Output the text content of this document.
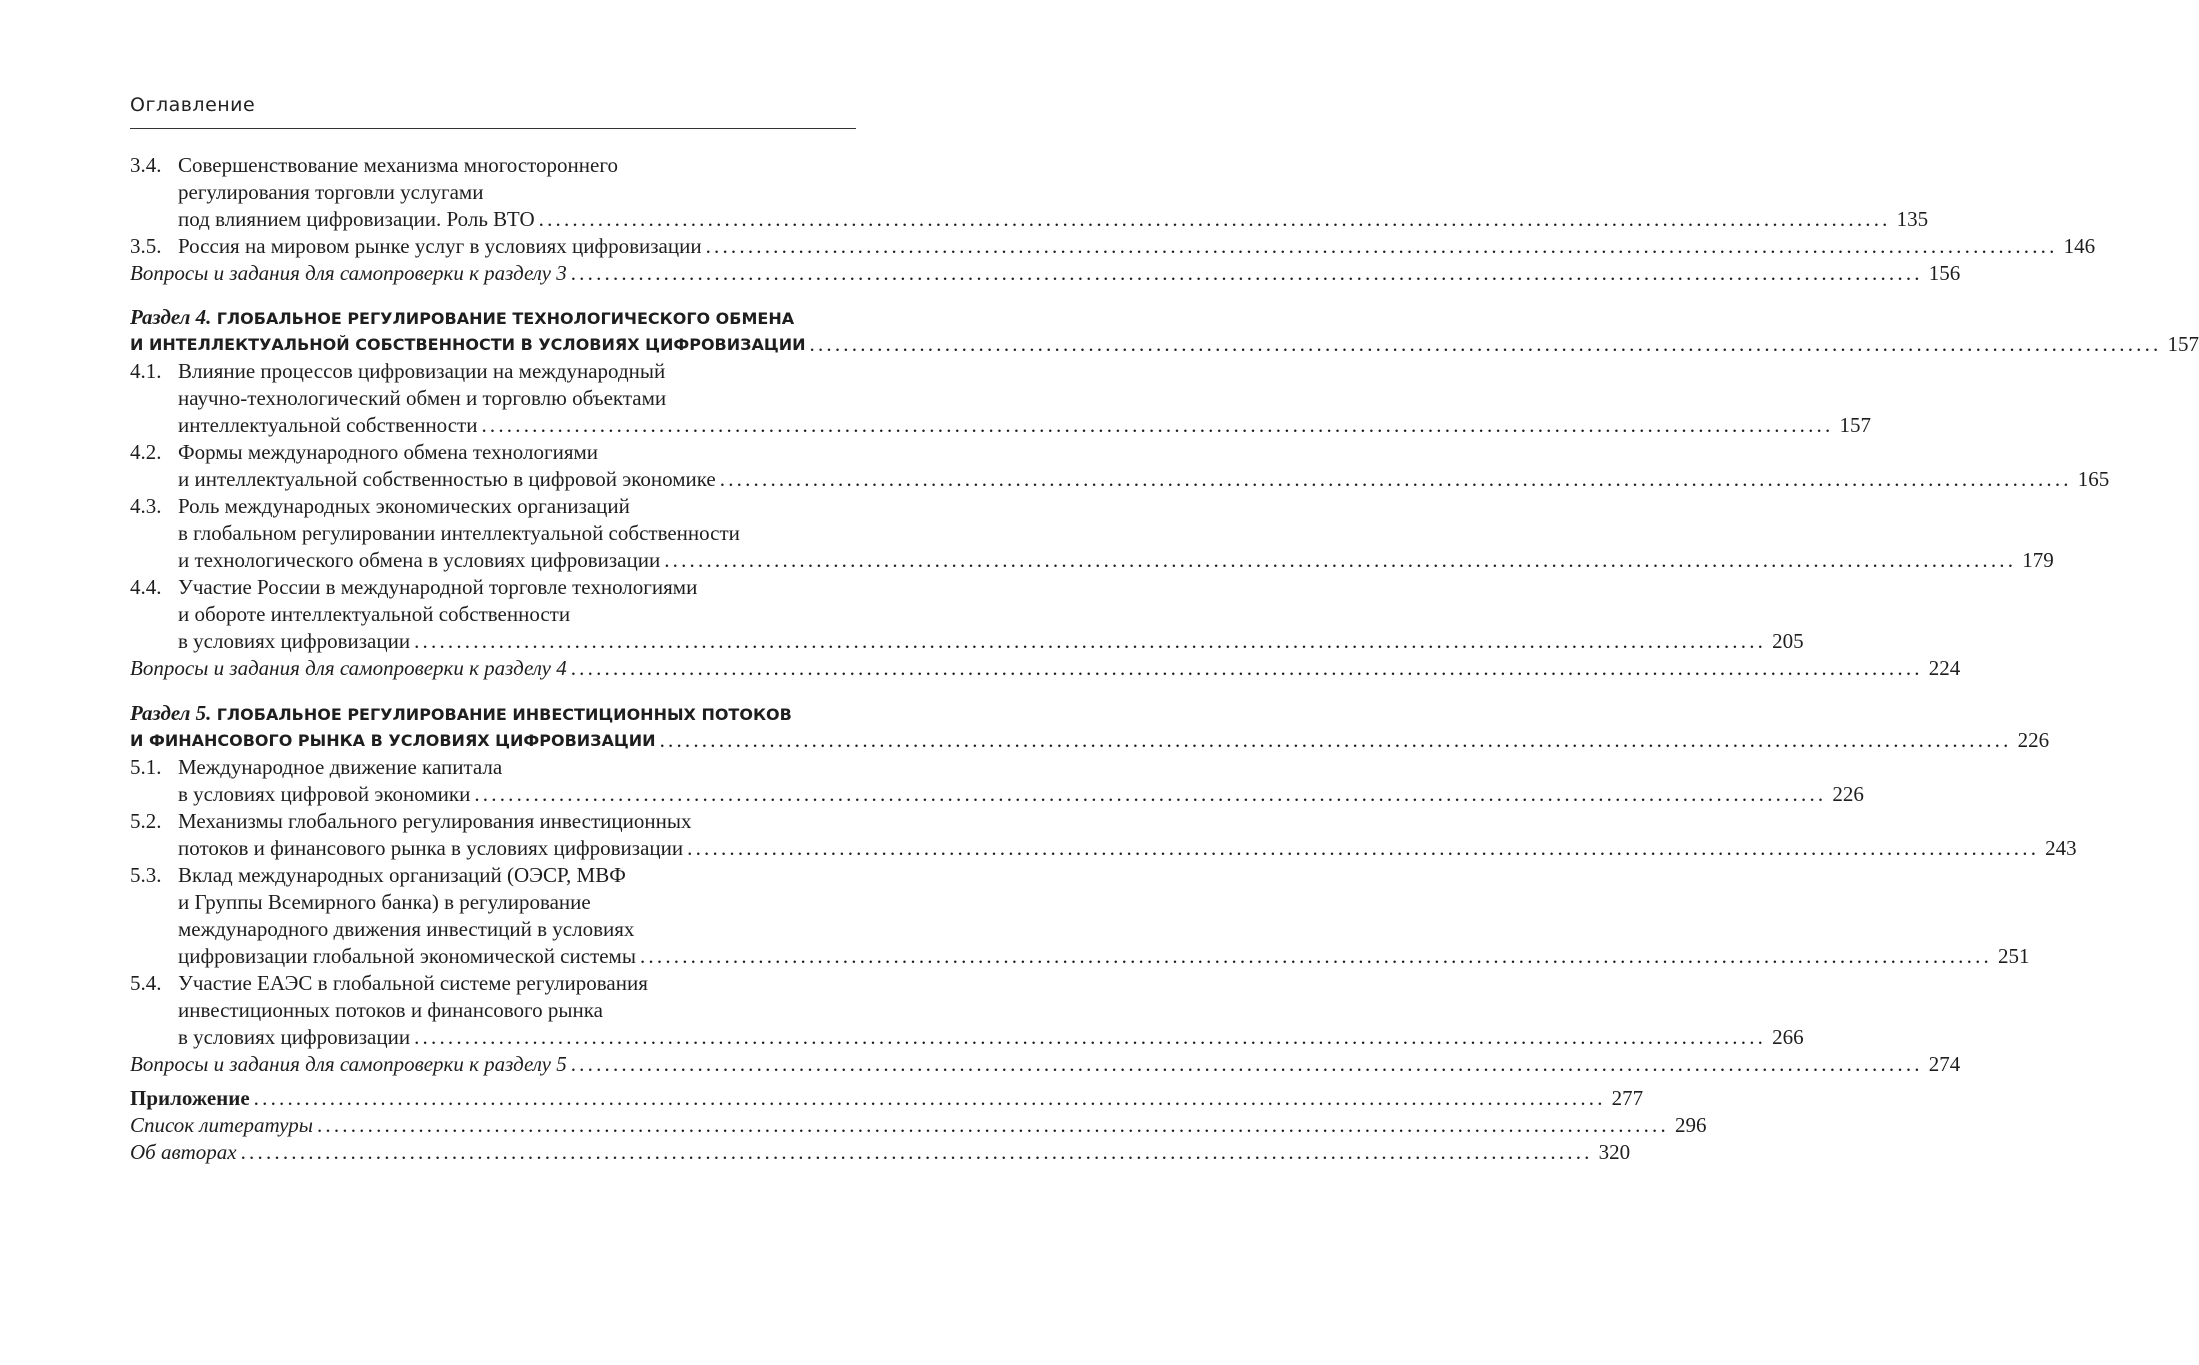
Оглавление
3.4. Совершенствование механизма многостороннего
регулирования торговли услугами
под влиянием цифровизации. Роль ВТО ................................................................................................................................................................ 135
3.5. Россия на мировом рынке услуг в условиях цифровизации ................................................................................................................................................................ 146
Вопросы и задания для самопроверки к разделу 3 ................................................................................................................................................................ 156
Раздел 4. ГЛОБАЛЬНОЕ РЕГУЛИРОВАНИЕ ТЕХНОЛОГИЧЕСКОГО ОБМЕНА
И ИНТЕЛЛЕКТУАЛЬНОЙ СОБСТВЕННОСТИ В УСЛОВИЯХ ЦИФРОВИЗАЦИИ ................................................................................................................................................................ 157
4.1. Влияние процессов цифровизации на международный
научно-технологический обмен и торговлю объектами
интеллектуальной собственности ................................................................................................................................................................ 157
4.2. Формы международного обмена технологиями
и интеллектуальной собственностью в цифровой экономике ................................................................................................................................................................ 165
4.3. Роль международных экономических организаций
в глобальном регулировании интеллектуальной собственности
и технологического обмена в условиях цифровизации ................................................................................................................................................................ 179
4.4. Участие России в международной торговле технологиями
и обороте интеллектуальной собственности
в условиях цифровизации ................................................................................................................................................................ 205
Вопросы и задания для самопроверки к разделу 4 ................................................................................................................................................................ 224
Раздел 5. ГЛОБАЛЬНОЕ РЕГУЛИРОВАНИЕ ИНВЕСТИЦИОННЫХ ПОТОКОВ
И ФИНАНСОВОГО РЫНКА В УСЛОВИЯХ ЦИФРОВИЗАЦИИ ................................................................................................................................................................ 226
5.1. Международное движение капитала
в условиях цифровой экономики ................................................................................................................................................................ 226
5.2. Механизмы глобального регулирования инвестиционных
потоков и финансового рынка в условиях цифровизации ................................................................................................................................................................ 243
5.3. Вклад международных организаций (ОЭСР, МВФ
и Группы Всемирного банка) в регулирование
международного движения инвестиций в условиях
цифровизации глобальной экономической системы ................................................................................................................................................................ 251
5.4. Участие ЕАЭС в глобальной системе регулирования
инвестиционных потоков и финансового рынка
в условиях цифровизации ................................................................................................................................................................ 266
Вопросы и задания для самопроверки к разделу 5 ................................................................................................................................................................ 274
Приложение ................................................................................................................................................................ 277
Список литературы ................................................................................................................................................................ 296
Об авторах ................................................................................................................................................................ 320
